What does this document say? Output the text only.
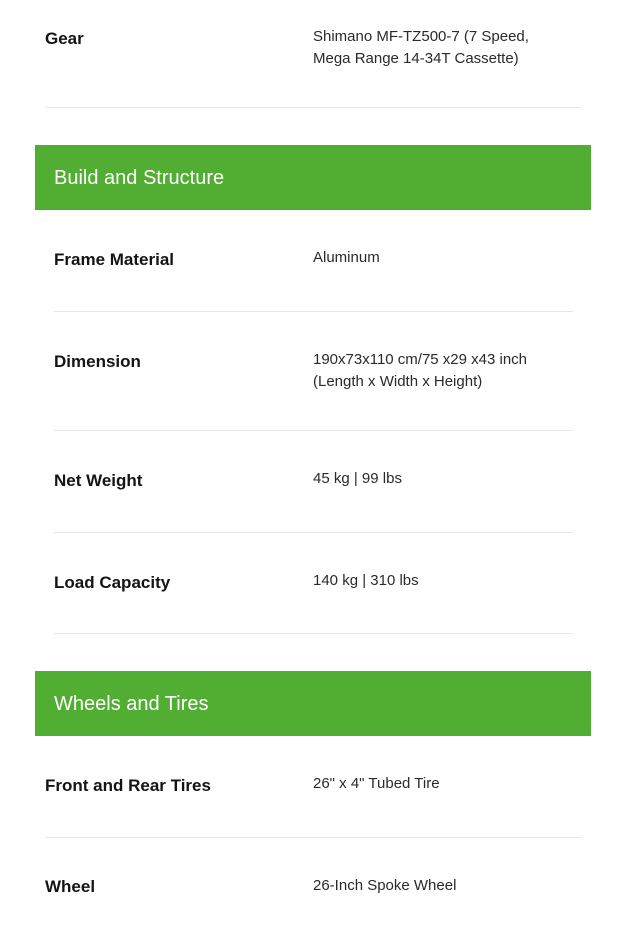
Gear	Shimano MF-TZ500-7 (7 Speed, Mega Range 14-34T Cassette)
Build and Structure
Frame Material	Aluminum
Dimension	190x73x110 cm/75 x29 x43 inch (Length x Width x Height)
Net Weight	45 kg | 99 lbs
Load Capacity	140 kg | 310 lbs
Wheels and Tires
Front and Rear Tires	26" x 4" Tubed Tire
Wheel	26-Inch Spoke Wheel
